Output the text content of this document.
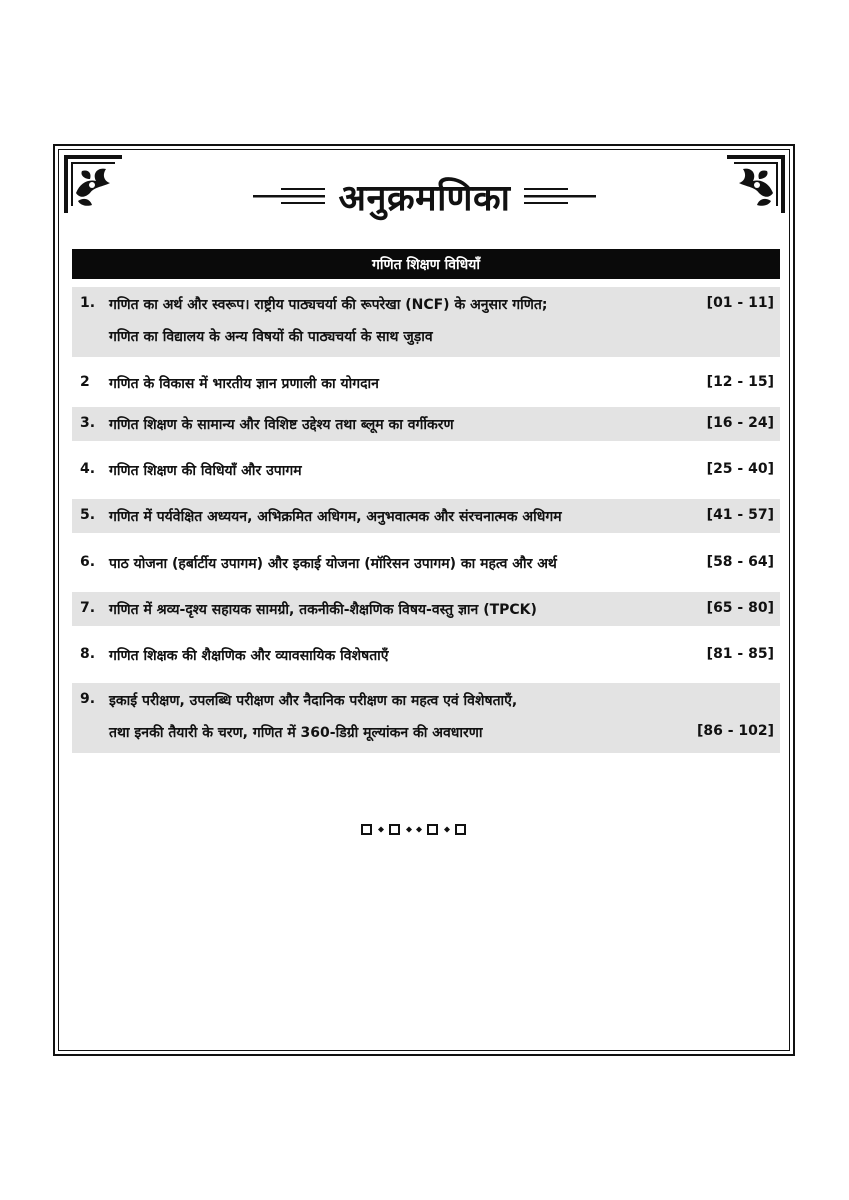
अनुक्रमणिका
गणित शिक्षण विधियाँ
1. गणित का अर्थ और स्वरूप। राष्ट्रीय पाठ्यचर्या की रूपरेखा (NCF) के अनुसार गणित;
गणित का विद्यालय के अन्य विषयों की पाठ्यचर्या के साथ जुड़ाव
[01 - 11]
2 गणित के विकास में भारतीय ज्ञान प्रणाली का योगदान	[12 - 15]
3. गणित शिक्षण के सामान्य और विशिष्ट उद्देश्य तथा ब्लूम का वर्गीकरण	[16 - 24]
4. गणित शिक्षण की विधियाँ और उपागम	[25 - 40]
5. गणित में पर्यवेक्षित अध्ययन, अभिक्रमित अधिगम, अनुभवात्मक और संरचनात्मक अधिगम	[41 - 57]
6. पाठ योजना (हर्बार्टीय उपागम) और इकाई योजना (मॉरिसन उपागम) का महत्व और अर्थ	[58 - 64]
7. गणित में श्रव्य-दृश्य सहायक सामग्री, तकनीकी-शैक्षणिक विषय-वस्तु ज्ञान (TPCK)	[65 - 80]
8. गणित शिक्षक की शैक्षणिक और व्यावसायिक विशेषताएँ	[81 - 85]
9. इकाई परीक्षण, उपलब्धि परीक्षण और नैदानिक परीक्षण का महत्व एवं विशेषताएँ,
तथा इनकी तैयारी के चरण, गणित में 360-डिग्री मूल्यांकन की अवधारणा	[86 - 102]
